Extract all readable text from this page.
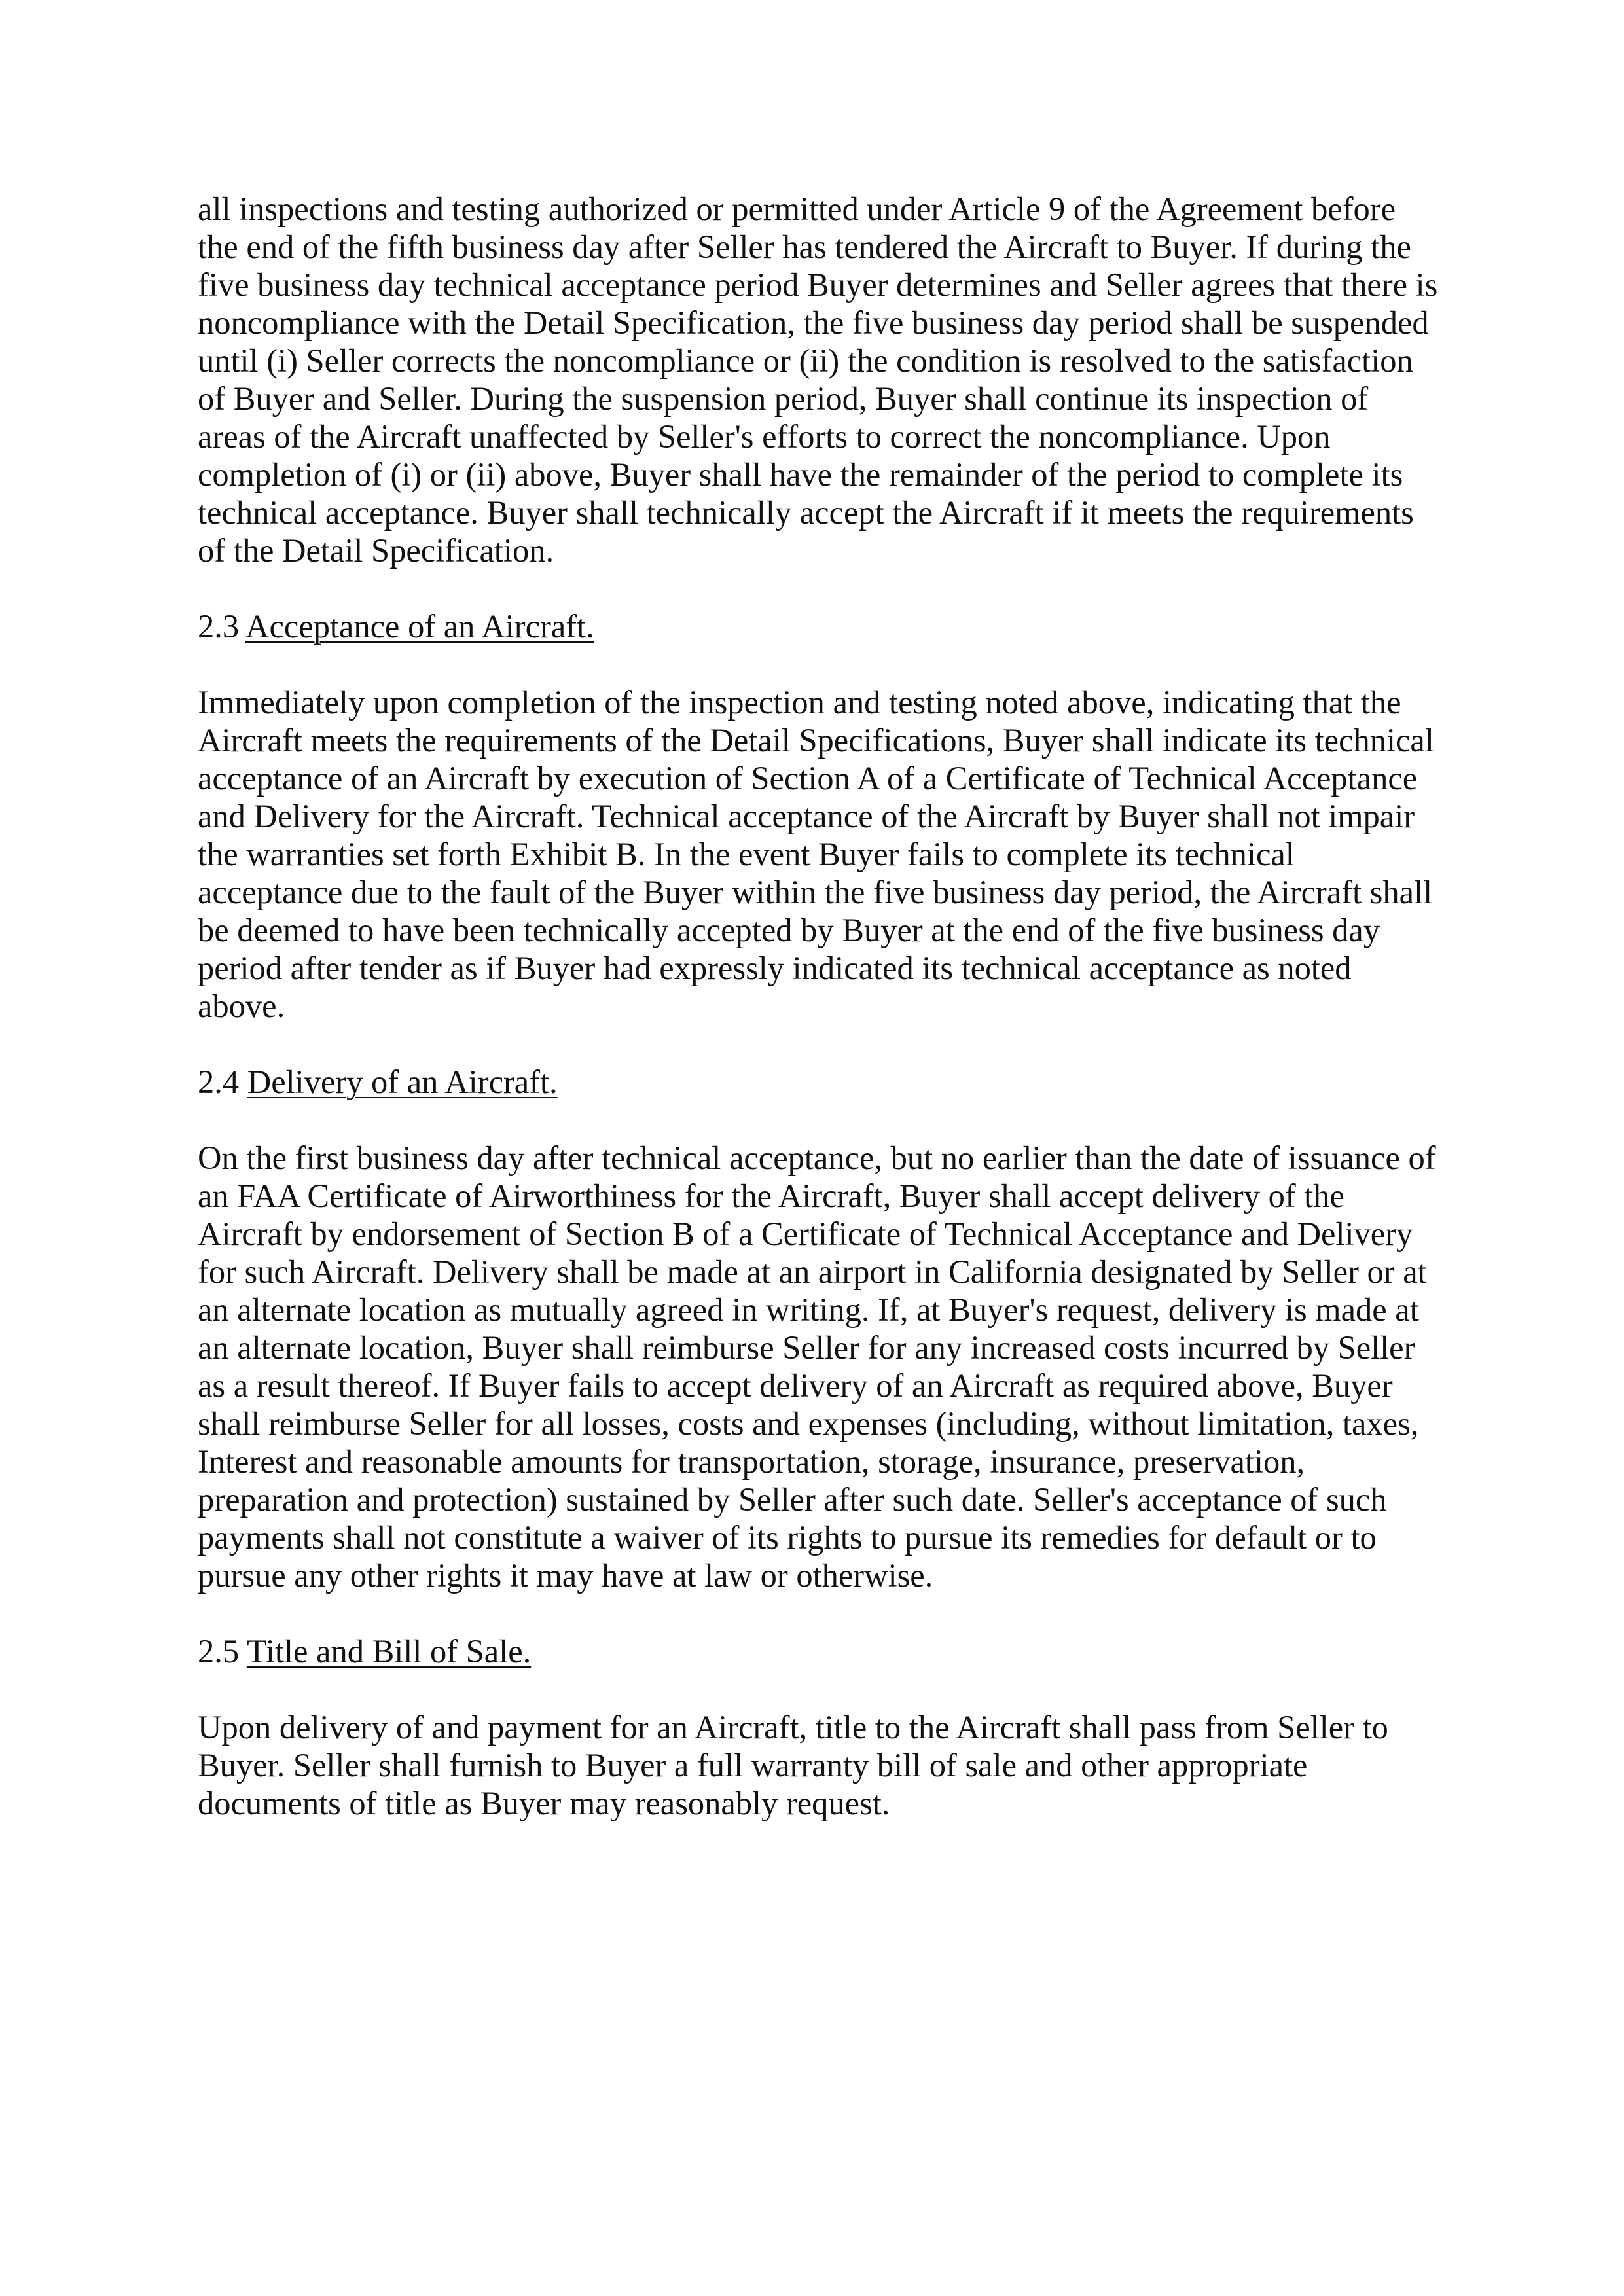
all inspections and testing authorized or permitted under Article 9 of the Agreement before
the end of the fifth business day after Seller has tendered the Aircraft to Buyer. If during the
five business day technical acceptance period Buyer determines and Seller agrees that there is
noncompliance with the Detail Specification, the five business day period shall be suspended
until (i) Seller corrects the noncompliance or (ii) the condition is resolved to the satisfaction
of Buyer and Seller. During the suspension period, Buyer shall continue its inspection of
areas of the Aircraft unaffected by Seller's efforts to correct the noncompliance. Upon
completion of (i) or (ii) above, Buyer shall have the remainder of the period to complete its
technical acceptance. Buyer shall technically accept the Aircraft if it meets the requirements
of the Detail Specification.

2.3 Acceptance of an Aircraft.

Immediately upon completion of the inspection and testing noted above, indicating that the
Aircraft meets the requirements of the Detail Specifications, Buyer shall indicate its technical
acceptance of an Aircraft by execution of Section A of a Certificate of Technical Acceptance
and Delivery for the Aircraft. Technical acceptance of the Aircraft by Buyer shall not impair
the warranties set forth Exhibit B. In the event Buyer fails to complete its technical
acceptance due to the fault of the Buyer within the five business day period, the Aircraft shall
be deemed to have been technically accepted by Buyer at the end of the five business day
period after tender as if Buyer had expressly indicated its technical acceptance as noted
above.

2.4 Delivery of an Aircraft.

On the first business day after technical acceptance, but no earlier than the date of issuance of
an FAA Certificate of Airworthiness for the Aircraft, Buyer shall accept delivery of the
Aircraft by endorsement of Section B of a Certificate of Technical Acceptance and Delivery
for such Aircraft. Delivery shall be made at an airport in California designated by Seller or at
an alternate location as mutually agreed in writing. If, at Buyer's request, delivery is made at
an alternate location, Buyer shall reimburse Seller for any increased costs incurred by Seller
as a result thereof. If Buyer fails to accept delivery of an Aircraft as required above, Buyer
shall reimburse Seller for all losses, costs and expenses (including, without limitation, taxes,
Interest and reasonable amounts for transportation, storage, insurance, preservation,
preparation and protection) sustained by Seller after such date. Seller's acceptance of such
payments shall not constitute a waiver of its rights to pursue its remedies for default or to
pursue any other rights it may have at law or otherwise.

2.5 Title and Bill of Sale.

Upon delivery of and payment for an Aircraft, title to the Aircraft shall pass from Seller to
Buyer. Seller shall furnish to Buyer a full warranty bill of sale and other appropriate
documents of title as Buyer may reasonably request.
